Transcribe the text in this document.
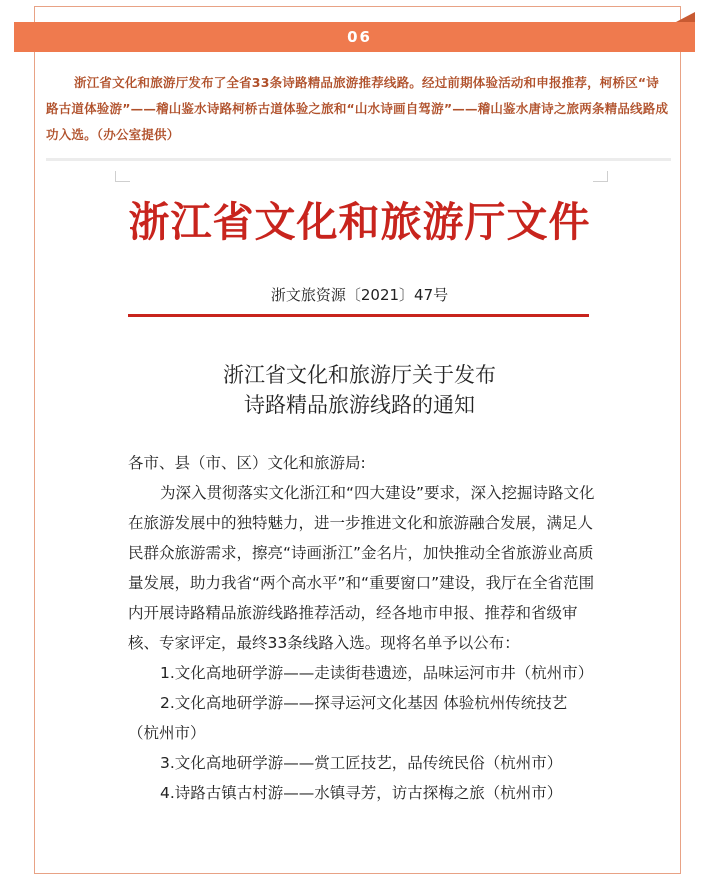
06
浙江省文化和旅游厅发布了全省33条诗路精品旅游推荐线路。经过前期体验活动和申报推荐，柯桥区“诗路古道体验游”——稽山鉴水诗路柯桥古道体验之旅和“山水诗画自驾游”——稽山鉴水唐诗之旅两条精品线路成功入选。（办公室提供）
浙江省文化和旅游厅文件
浙文旅资源〔2021〕47号
浙江省文化和旅游厅关于发布
诗路精品旅游线路的通知

各市、县（市、区）文化和旅游局:

为深入贯彻落实文化浙江和“四大建设”要求，深入挖掘诗路文化在旅游发展中的独特魅力，进一步推进文化和旅游融合发展，满足人民群众旅游需求，擦亮“诗画浙江”金名片，加快推动全省旅游业高质量发展，助力我省“两个高水平”和“重要窗口”建设，我厅在全省范围内开展诗路精品旅游线路推荐活动，经各地市申报、推荐和省级审核、专家评定，最终33条线路入选。现将名单予以公布：

1.文化高地研学游——走读街巷遗迹，品味运河市井（杭州市）

2.文化高地研学游——探寻运河文化基因 体验杭州传统技艺（杭州市）

3.文化高地研学游——赏工匠技艺，品传统民俗（杭州市）

4.诗路古镇古村游——水镇寻芳，访古探梅之旅（杭州市）
